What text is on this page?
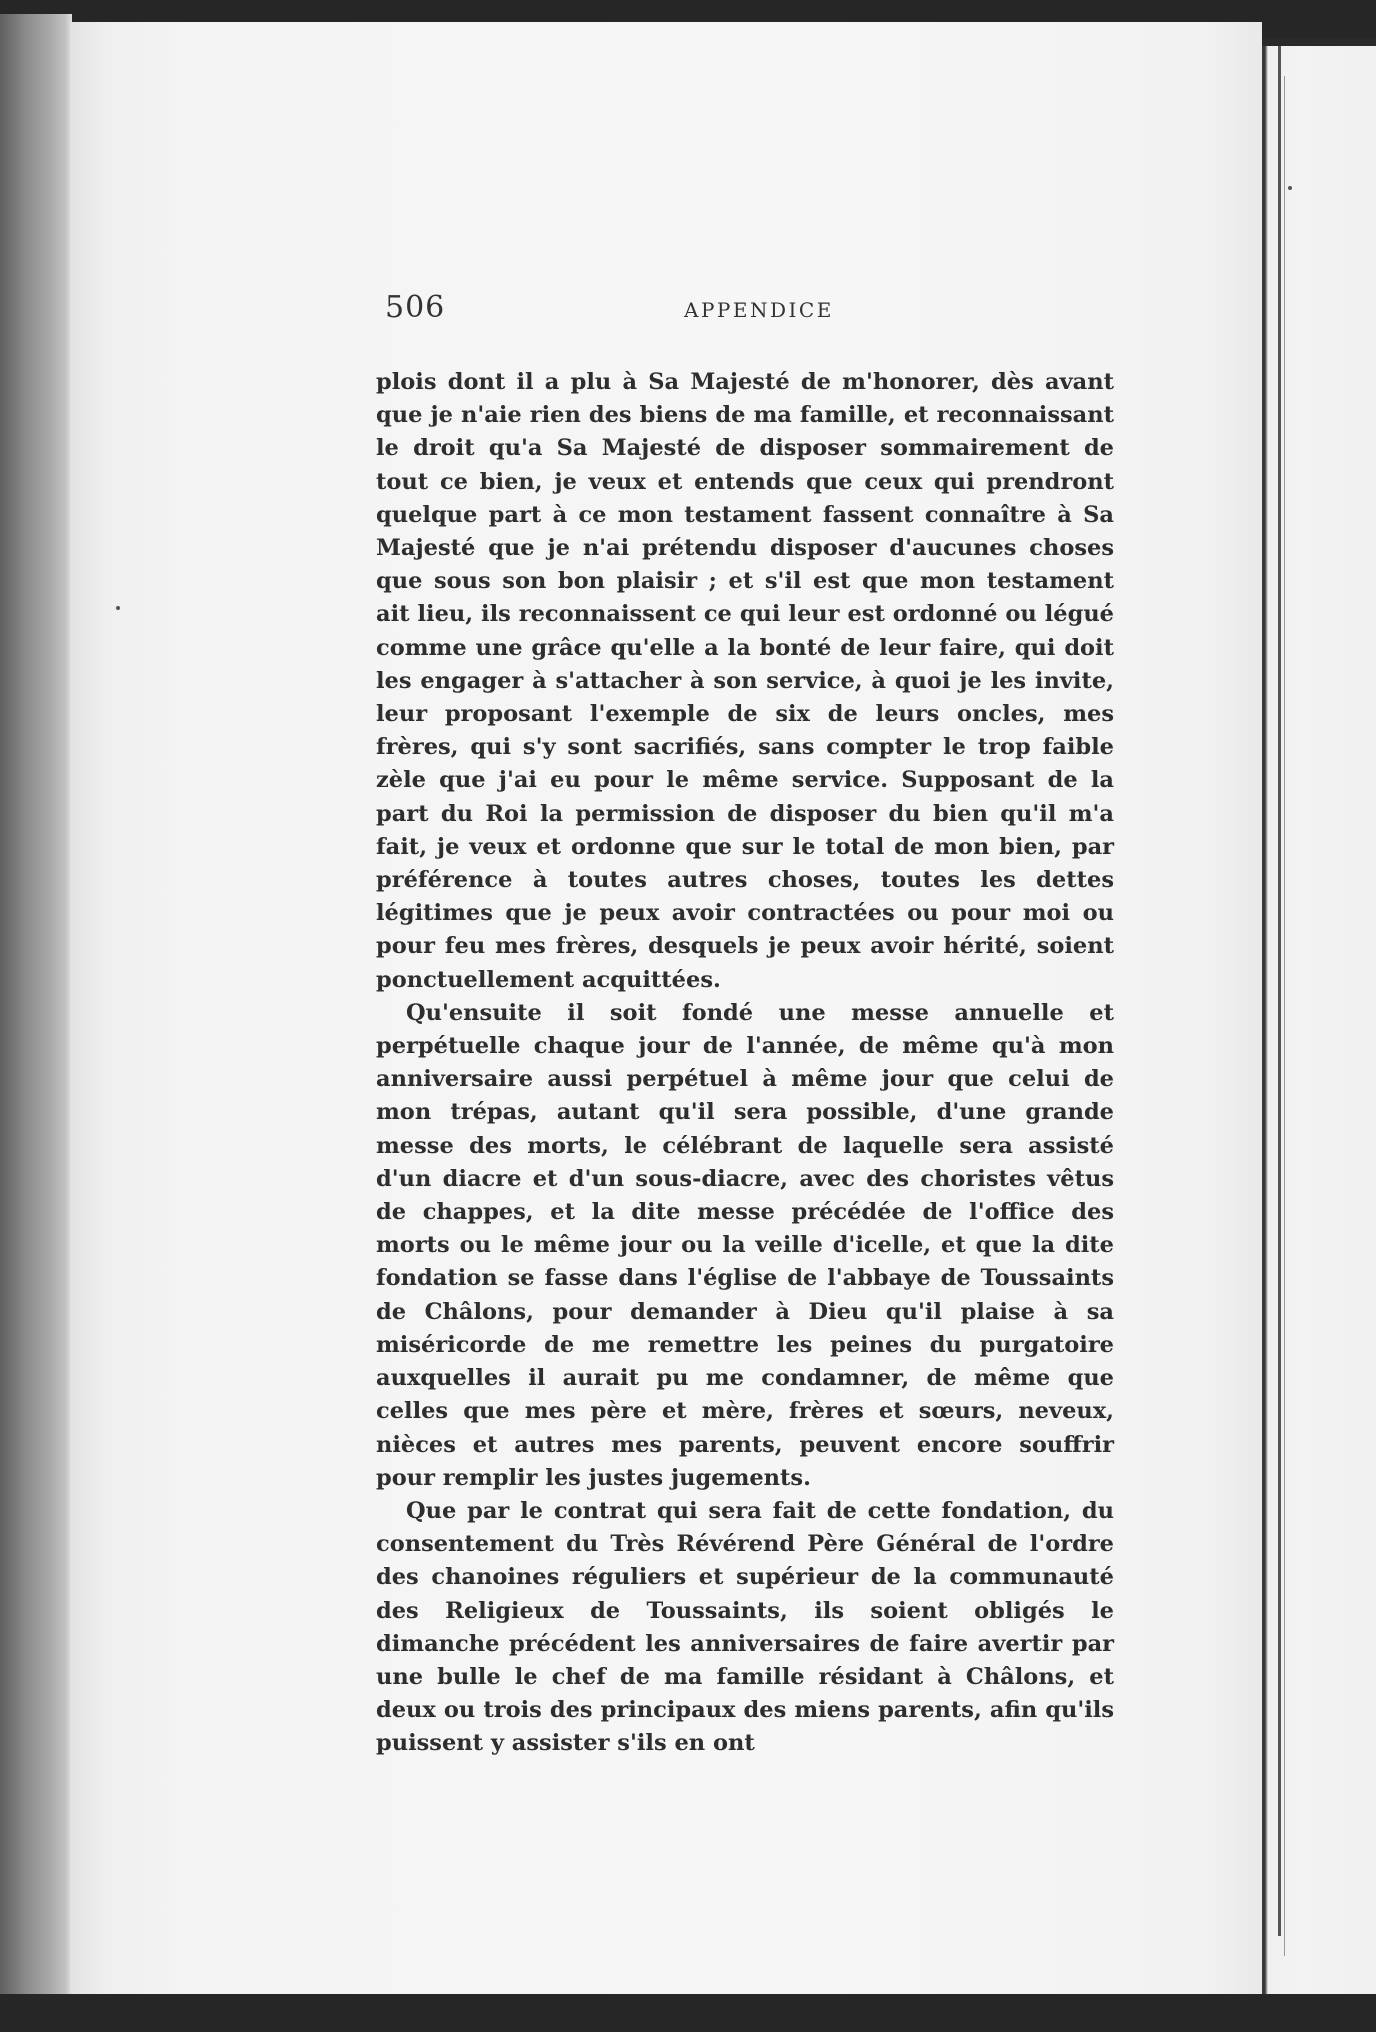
506	APPENDICE

plois dont il a plu à Sa Majesté de m'honorer, dès avant que je n'aie rien des biens de ma famille, et reconnaissant le droit qu'a Sa Majesté de disposer sommairement de tout ce bien, je veux et entends que ceux qui prendront quelque part à ce mon testament fassent connaître à Sa Majesté que je n'ai prétendu disposer d'aucunes choses que sous son bon plaisir ; et s'il est que mon testament ait lieu, ils reconnaissent ce qui leur est ordonné ou légué comme une grâce qu'elle a la bonté de leur faire, qui doit les engager à s'attacher à son service, à quoi je les invite, leur proposant l'exemple de six de leurs oncles, mes frères, qui s'y sont sacrifiés, sans compter le trop faible zèle que j'ai eu pour le même service. Supposant de la part du Roi la permission de disposer du bien qu'il m'a fait, je veux et ordonne que sur le total de mon bien, par préférence à toutes autres choses, toutes les dettes légitimes que je peux avoir contractées ou pour moi ou pour feu mes frères, desquels je peux avoir hérité, soient ponctuellement acquittées.

Qu'ensuite il soit fondé une messe annuelle et perpétuelle chaque jour de l'année, de même qu'à mon anniversaire aussi perpétuel à même jour que celui de mon trépas, autant qu'il sera possible, d'une grande messe des morts, le célébrant de laquelle sera assisté d'un diacre et d'un sous-diacre, avec des choristes vêtus de chappes, et la dite messe précédée de l'office des morts ou le même jour ou la veille d'icelle, et que la dite fondation se fasse dans l'église de l'abbaye de Toussaints de Châlons, pour demander à Dieu qu'il plaise à sa miséricorde de me remettre les peines du purgatoire auxquelles il aurait pu me condamner, de même que celles que mes père et mère, frères et sœurs, neveux, nièces et autres mes parents, peuvent encore souffrir pour remplir les justes jugements.

Que par le contrat qui sera fait de cette fondation, du consentement du Très Révérend Père Général de l'ordre des chanoines réguliers et supérieur de la communauté des Religieux de Toussaints, ils soient obligés le dimanche précédent les anniversaires de faire avertir par une bulle le chef de ma famille résidant à Châlons, et deux ou trois des principaux des miens parents, afin qu'ils puissent y assister s'ils en ont
